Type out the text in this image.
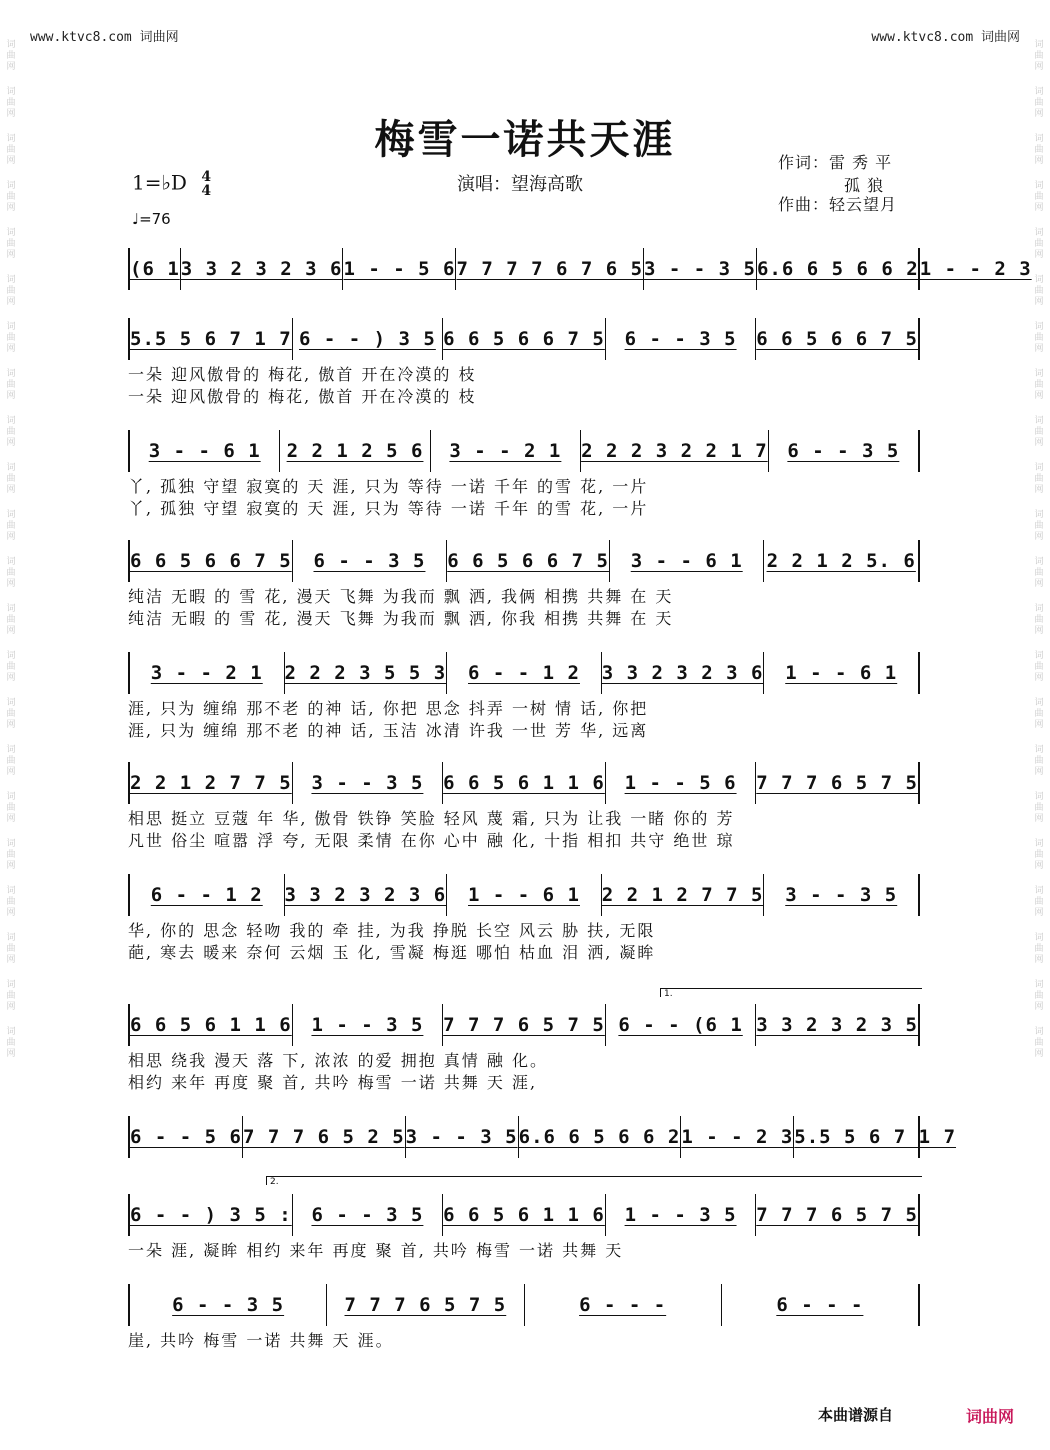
www.ktvc8.com 词曲网	www.ktvc8.com 词曲网
词曲网
词曲网
词曲网
词曲网
词曲网
词曲网
词曲网
词曲网
词曲网
词曲网
词曲网
词曲网
词曲网
词曲网
词曲网
词曲网
词曲网
词曲网
词曲网
词曲网
词曲网
词曲网
词曲网
词曲网
词曲网
词曲网
词曲网
词曲网
词曲网
词曲网
词曲网
词曲网
词曲网
词曲网
词曲网
词曲网
词曲网
词曲网
词曲网
词曲网
词曲网
词曲网
词曲网
词曲网
梅雪一诺共天涯
1=♭D 4
4
♩=76
演唱：望海高歌
作词：雷 秀 平
孤 狼
作曲：轻云望月
(6 1 3 3 2 3 2 3 6 1 - - 5 6 7 7 7 7 6 7 6 5 3 - - 3 5 6.6 6 5 6 6 2 1 - - 2 3
5.5 5 6 7 1 7 6 - - ) 3 5 6 6 5 6 6 7 5	6 - - 3 5	6 6 5 6 6 7 5
一朵 迎风傲骨的 梅花, 傲首 开在冷漠的 枝
一朵 迎风傲骨的 梅花, 傲首 开在冷漠的 枝
3 - - 6 1	2 2 1 2 5 6	3 - - 2 1	2 2 2 3 2 2 1 7	6 - - 3 5
丫, 孤独 守望 寂寞的 天 涯, 只为 等待 一诺 千年 的雪 花, 一片
丫, 孤独 守望 寂寞的 天 涯, 只为 等待 一诺 千年 的雪 花, 一片
6 6 5 6 6 7 5	6 - - 3 5	6 6 5 6 6 7 5	3 - - 6 1	2 2 1 2 5. 6
纯洁 无暇 的 雪 花, 漫天 飞舞 为我而 飘 洒, 我俩 相携 共舞 在 天
纯洁 无暇 的 雪 花, 漫天 飞舞 为我而 飘 洒, 你我 相携 共舞 在 天
3 - - 2 1	2 2 2 3 5 5 3	6 - - 1 2	3 3 2 3 2 3 6	1 - - 6 1
涯, 只为 缠绵 那不老 的神 话, 你把 思念 抖弄 一树 情 话, 你把
涯, 只为 缠绵 那不老 的神 话, 玉洁 冰清 许我 一世 芳 华, 远离
2 2 1 2 7 7 5	3 - - 3 5	6 6 5 6 1 1 6	1 - - 5 6	7 7 7 6 5 7 5
相思 挺立 豆蔻 年 华, 傲骨 铁铮 笑脸 轻风 蔑 霜, 只为 让我 一睹 你的 芳
凡世 俗尘 喧嚣 浮 夸, 无限 柔情 在你 心中 融 化, 十指 相扣 共守 绝世 琼
6 - - 1 2	3 3 2 3 2 3 6	1 - - 6 1	2 2 1 2 7 7 5	3 - - 3 5
华, 你的 思念 轻吻 我的 牵 挂, 为我 挣脱 长空 风云 胁 扶, 无限
葩, 寒去 暖来 奈何 云烟 玉 化, 雪凝 梅逛 哪怕 枯血 泪 洒, 凝眸
6 6 5 6 1 1 6	1 - - 3 5	7 7 7 6 5 7 5 6 - - (6 1 3 3 2 3 2 3 5
相思 绕我 漫天 落 下, 浓浓 的爱 拥抱 真情 融 化。
相约 来年 再度 聚 首, 共吟 梅雪 一诺 共舞 天 涯,
6 - - 5 6 7 7 7 6 5 2 5 3 - - 3 5 6.6 6 5 6 6 2 1 - - 2 3 5.5 5 6 7 1 7
6 - - ) 3 5 :	6 - - 3 5	6 6 5 6 1 1 6	1 - - 3 5	7 7 7 6 5 7 5
一朵 涯, 凝眸 相约 来年 再度 聚 首, 共吟 梅雪 一诺 共舞 天
6 - - 3 5	7 7 7 6 5 7 5	6 - - -	6 - - -
崖, 共吟 梅雪 一诺 共舞 天 涯。
1.
2.
本曲谱源自	词曲网
